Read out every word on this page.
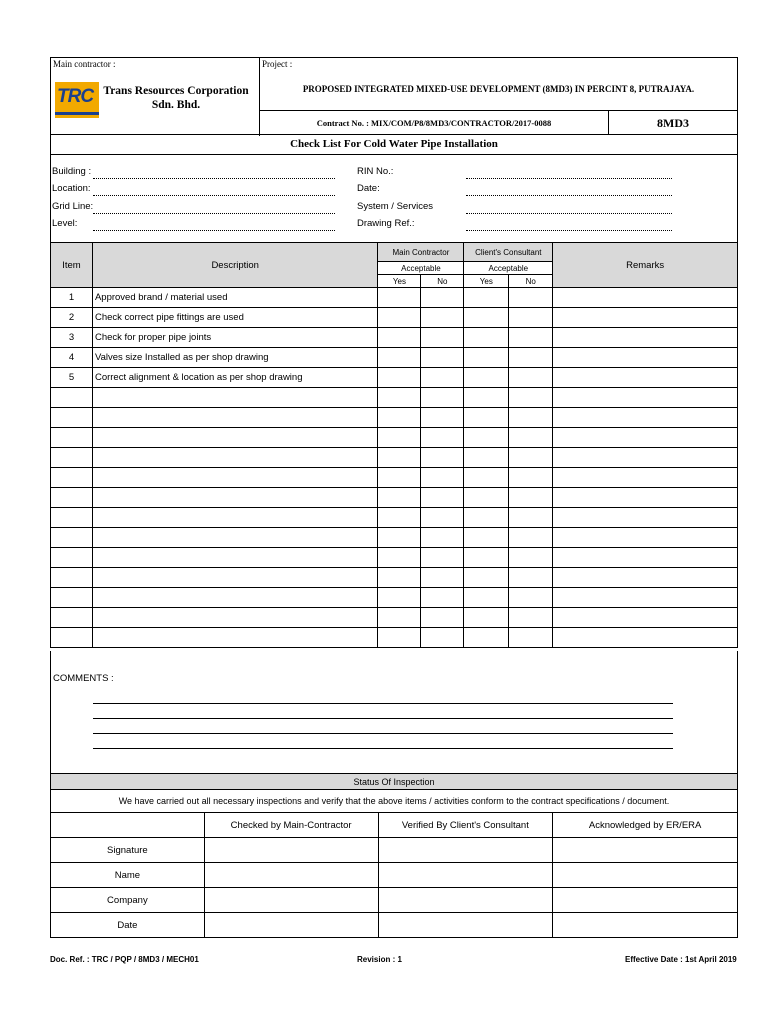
Main contractor :
TRC Trans Resources Corporation
Sdn. Bhd.
Project :
PROPOSED INTEGRATED MIXED-USE DEVELOPMENT (8MD3) IN PERCINT 8, PUTRAJAYA.
Contract No. : MIX/COM/P8/8MD3/CONTRACTOR/2017-0088	8MD3
Check List For Cold Water Pipe Installation
Building :
Location:
Grid Line:
Level:
RIN No.:
Date:
System / Services
Drawing Ref.:
Item	Description	Main Contractor		Client's Consultant		Remarks
		Acceptable		Acceptable		
		Yes	No	Yes	No	
1	Approved brand / material used					
2	Check correct pipe fittings are used					
3	Check for proper pipe joints					
4	Valves size Installed as per shop drawing					
5	Correct alignment & location as per shop drawing					

COMMENTS :
Status Of Inspection			
We have carried out all necessary inspections and verify that the above items / activities conform to the contract specifications / document.			
	Checked by Main-Contractor	Verified By Client's Consultant	Acknowledged by ER/ERA
Signature			
Name			
Company			
Date			
Doc. Ref. : TRC / PQP / 8MD3 / MECH01	Revision : 1	Effective Date : 1st April 2019
